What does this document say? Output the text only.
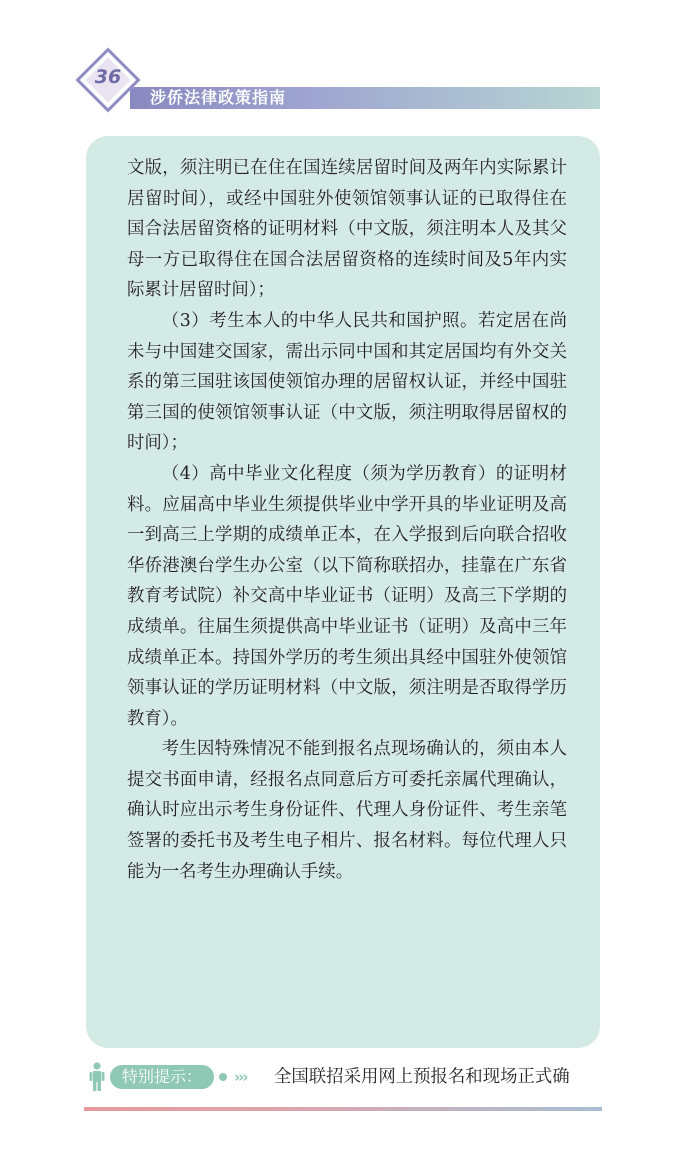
涉侨法律政策指南
36

文版，须注明已在住在国连续居留时间及两年内实际累计居留时间），或经中国驻外使领馆领事认证的已取得住在国合法居留资格的证明材料（中文版，须注明本人及其父母一方已取得住在国合法居留资格的连续时间及5年内实际累计居留时间）；

（3）考生本人的中华人民共和国护照。若定居在尚未与中国建交国家，需出示同中国和其定居国均有外交关系的第三国驻该国使领馆办理的居留权认证，并经中国驻第三国的使领馆领事认证（中文版，须注明取得居留权的时间）；

（4）高中毕业文化程度（须为学历教育）的证明材料。应届高中毕业生须提供毕业中学开具的毕业证明及高一到高三上学期的成绩单正本，在入学报到后向联合招收华侨港澳台学生办公室（以下简称联招办，挂靠在广东省教育考试院）补交高中毕业证书（证明）及高三下学期的成绩单。往届生须提供高中毕业证书（证明）及高中三年成绩单正本。持国外学历的考生须出具经中国驻外使领馆领事认证的学历证明材料（中文版，须注明是否取得学历教育）。

考生因特殊情况不能到报名点现场确认的，须由本人提交书面申请，经报名点同意后方可委托亲属代理确认，确认时应出示考生身份证件、代理人身份证件、考生亲笔签署的委托书及考生电子相片、报名材料。每位代理人只能为一名考生办理确认手续。

特别提示： ››› 全国联招采用网上预报名和现场正式确
